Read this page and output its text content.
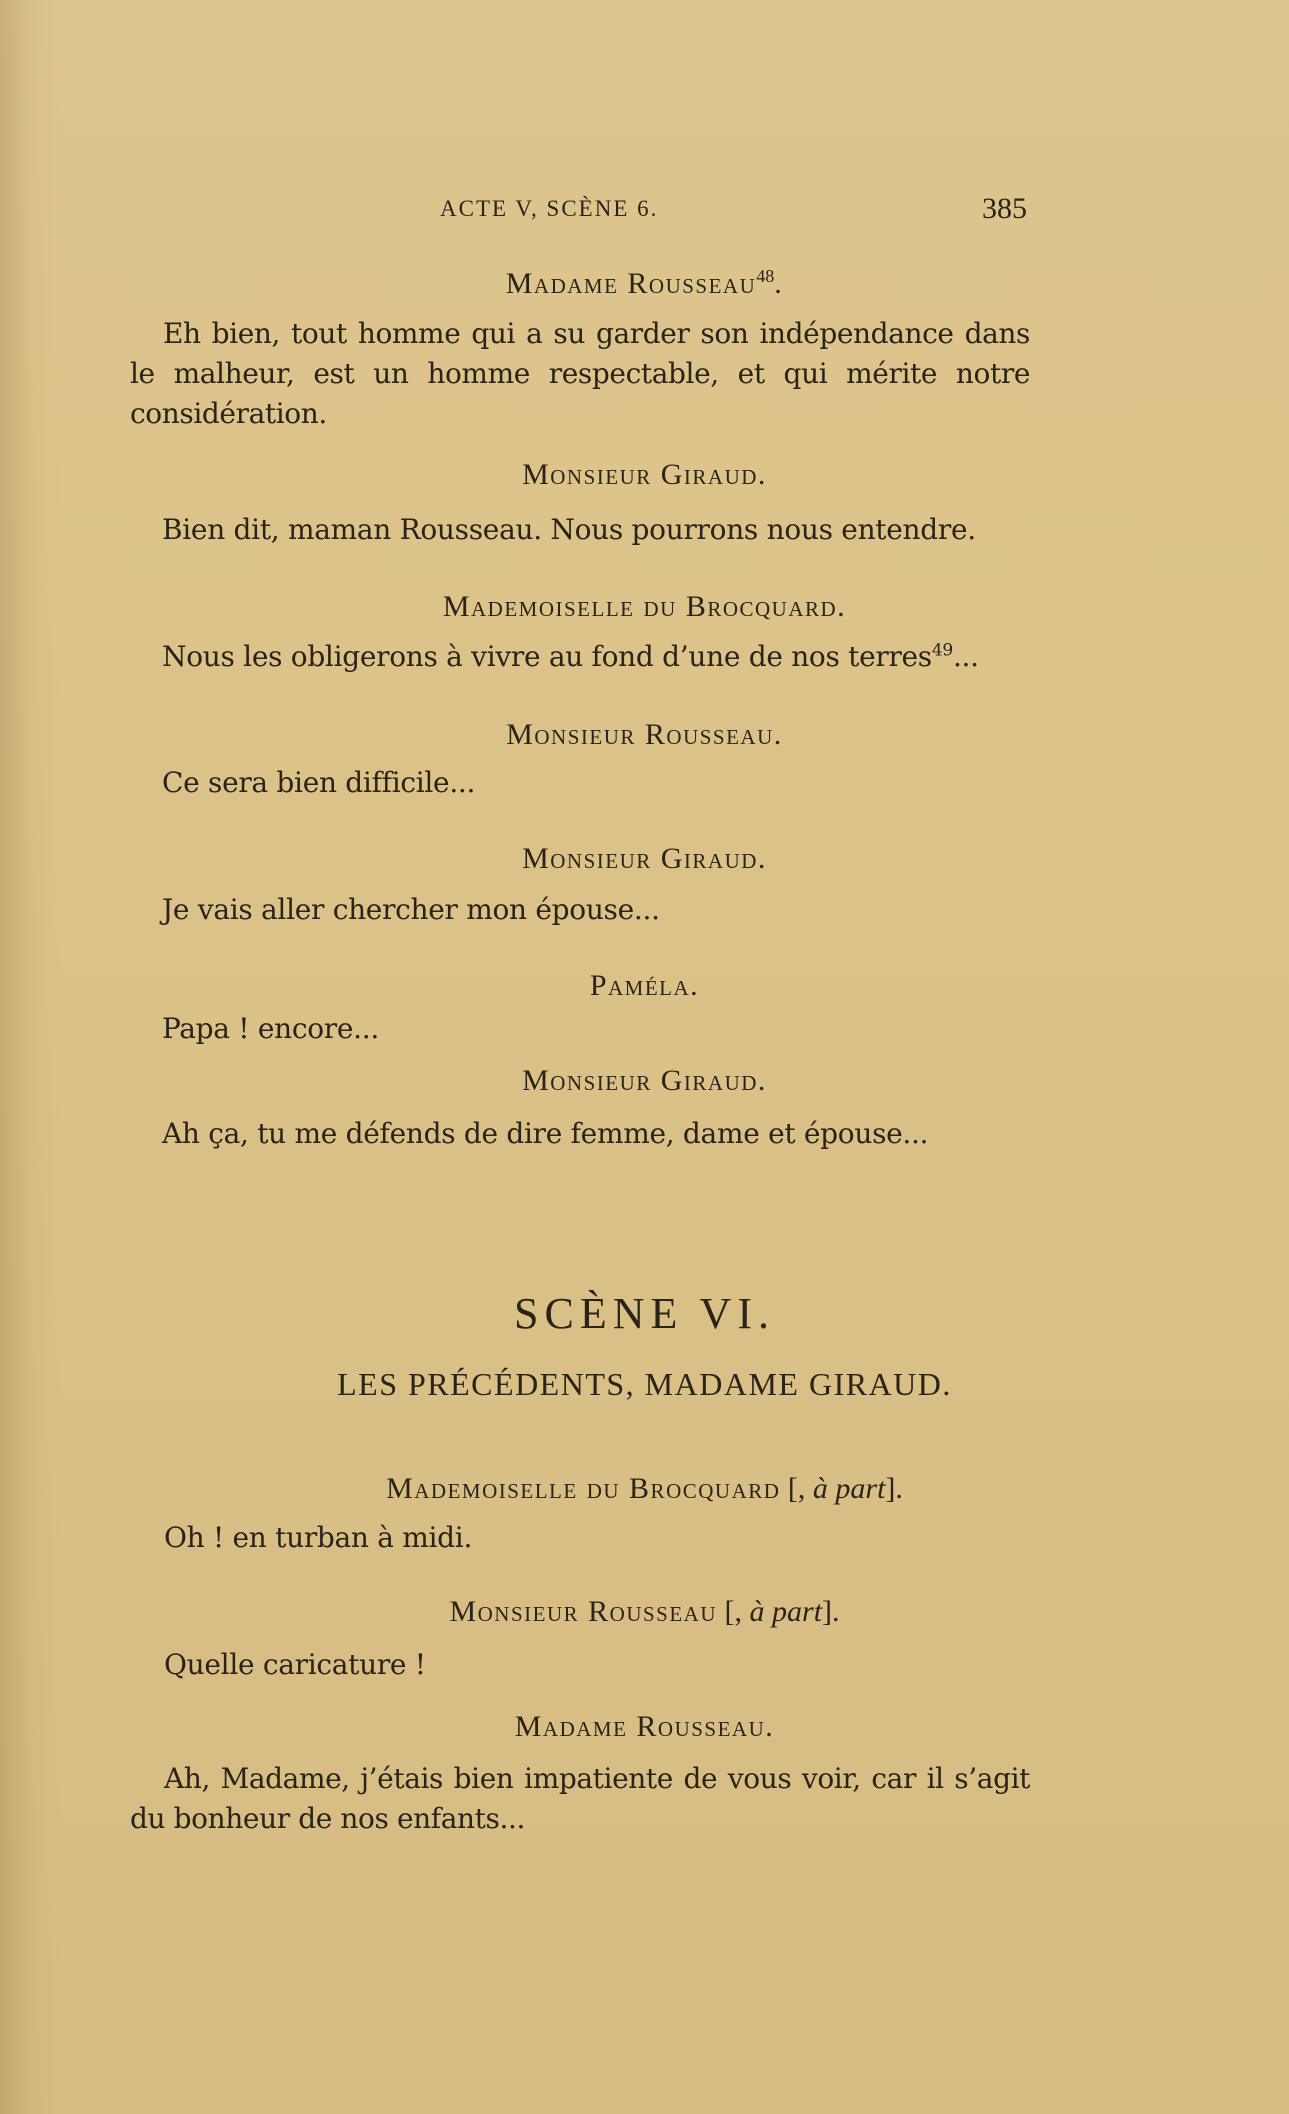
ACTE V, SCÈNE 6.	385
Madame Rousseau$^{48}$.
Eh bien, tout homme qui a su garder son indépendance dans le malheur, est un homme respectable, et qui mérite notre considération.
Monsieur Giraud.
Bien dit, maman Rousseau. Nous pourrons nous entendre.
Mademoiselle du Brocquard.
Nous les obligerons à vivre au fond d’une de nos terres$^{49}$...
Monsieur Rousseau.
Ce sera bien difficile...
Monsieur Giraud.
Je vais aller chercher mon épouse...
Paméla.
Papa ! encore...
Monsieur Giraud.
Ah ça, tu me défends de dire femme, dame et épouse...
SCÈNE VI.
LES PRÉCÉDENTS, MADAME GIRAUD.
Mademoiselle du Brocquard [, à part].
Oh ! en turban à midi.
Monsieur Rousseau [, à part].
Quelle caricature !
Madame Rousseau.
Ah, Madame, j’étais bien impatiente de vous voir, car il s’agit du bonheur de nos enfants...
